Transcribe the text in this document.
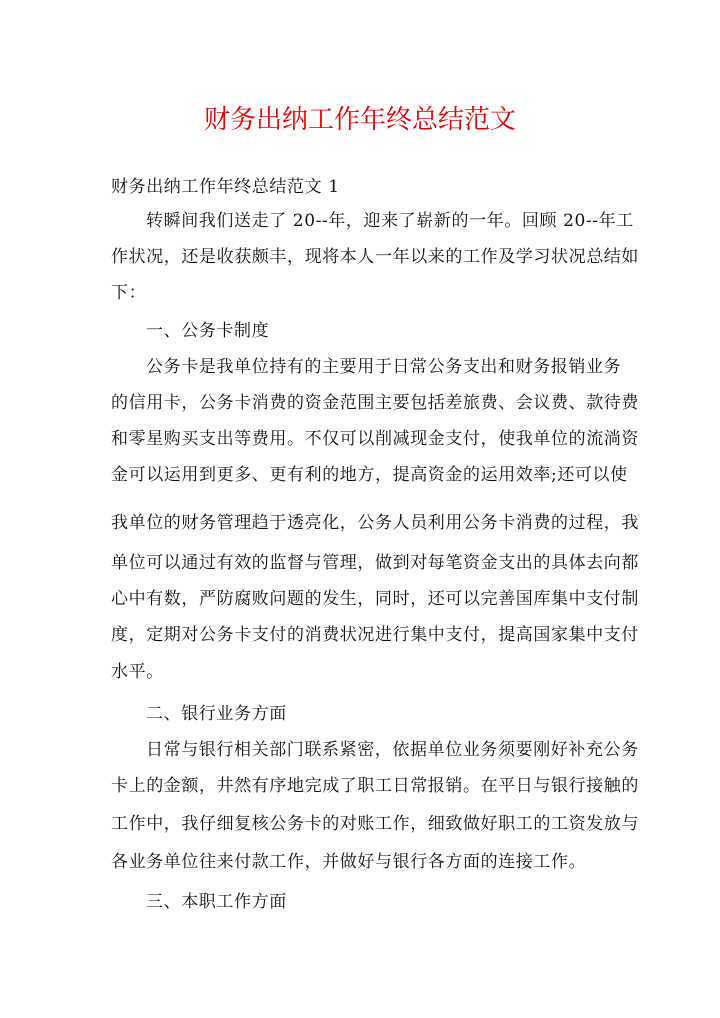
财务出纳工作年终总结范文
财务出纳工作年终总结范文 1
转瞬间我们送走了 20--年，迎来了崭新的一年。回顾 20--年工
作状况，还是收获颇丰，现将本人一年以来的工作及学习状况总结如
下：
一、公务卡制度
公务卡是我单位持有的主要用于日常公务支出和财务报销业务
的信用卡，公务卡消费的资金范围主要包括差旅费、会议费、款待费
和零星购买支出等费用。不仅可以削减现金支付，使我单位的流淌资
金可以运用到更多、更有利的地方，提高资金的运用效率;还可以使
我单位的财务管理趋于透亮化，公务人员利用公务卡消费的过程，我
单位可以通过有效的监督与管理，做到对每笔资金支出的具体去向都
心中有数，严防腐败问题的发生，同时，还可以完善国库集中支付制
度，定期对公务卡支付的消费状况进行集中支付，提高国家集中支付
水平。
二、银行业务方面
日常与银行相关部门联系紧密，依据单位业务须要刚好补充公务
卡上的金额，井然有序地完成了职工日常报销。在平日与银行接触的
工作中，我仔细复核公务卡的对账工作，细致做好职工的工资发放与
各业务单位往来付款工作，并做好与银行各方面的连接工作。
三、本职工作方面
